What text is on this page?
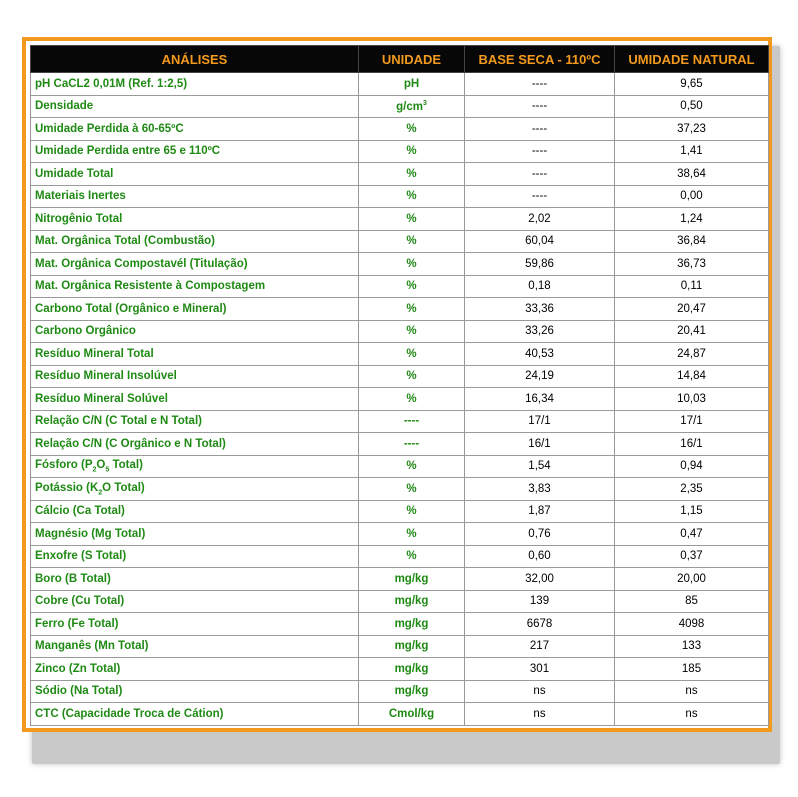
ANÁLISES	UNIDADE	BASE SECA - 110ºC	UMIDADE NATURAL
pH CaCL2 0,01M (Ref. 1:2,5)	pH	----	9,65
Densidade	$g/cm^3$	----	0,50
Umidade Perdida à 60-65ºC	%	----	37,23
Umidade Perdida entre 65 e 110ºC	%	----	1,41
Umidade Total	%	----	38,64
Materiais Inertes	%	----	0,00
Nitrogênio Total	%	2,02	1,24
Mat. Orgânica Total (Combustão)	%	60,04	36,84
Mat. Orgânica Compostavél (Titulação)	%	59,86	36,73
Mat. Orgânica Resistente à Compostagem	%	0,18	0,11
Carbono Total (Orgânico e Mineral)	%	33,36	20,47
Carbono Orgânico	%	33,26	20,41
Resíduo Mineral Total	%	40,53	24,87
Resíduo Mineral Insolúvel	%	24,19	14,84
Resíduo Mineral Solúvel	%	16,34	10,03
Relação C/N (C Total e N Total)	----	17/1	17/1
Relação C/N (C Orgânico e N Total)	----	16/1	16/1
Fósforo ($P_2O_5$ Total)	%	1,54	0,94
Potássio ($K_2O$ Total)	%	3,83	2,35
Cálcio (Ca Total)	%	1,87	1,15
Magnésio (Mg Total)	%	0,76	0,47
Enxofre (S Total)	%	0,60	0,37
Boro (B Total)	mg/kg	32,00	20,00
Cobre (Cu Total)	mg/kg	139	85
Ferro (Fe Total)	mg/kg	6678	4098
Manganês (Mn Total)	mg/kg	217	133
Zinco (Zn Total)	mg/kg	301	185
Sódio (Na Total)	mg/kg	ns	ns
CTC (Capacidade Troca de Cátion)	Cmol/kg	ns	ns
